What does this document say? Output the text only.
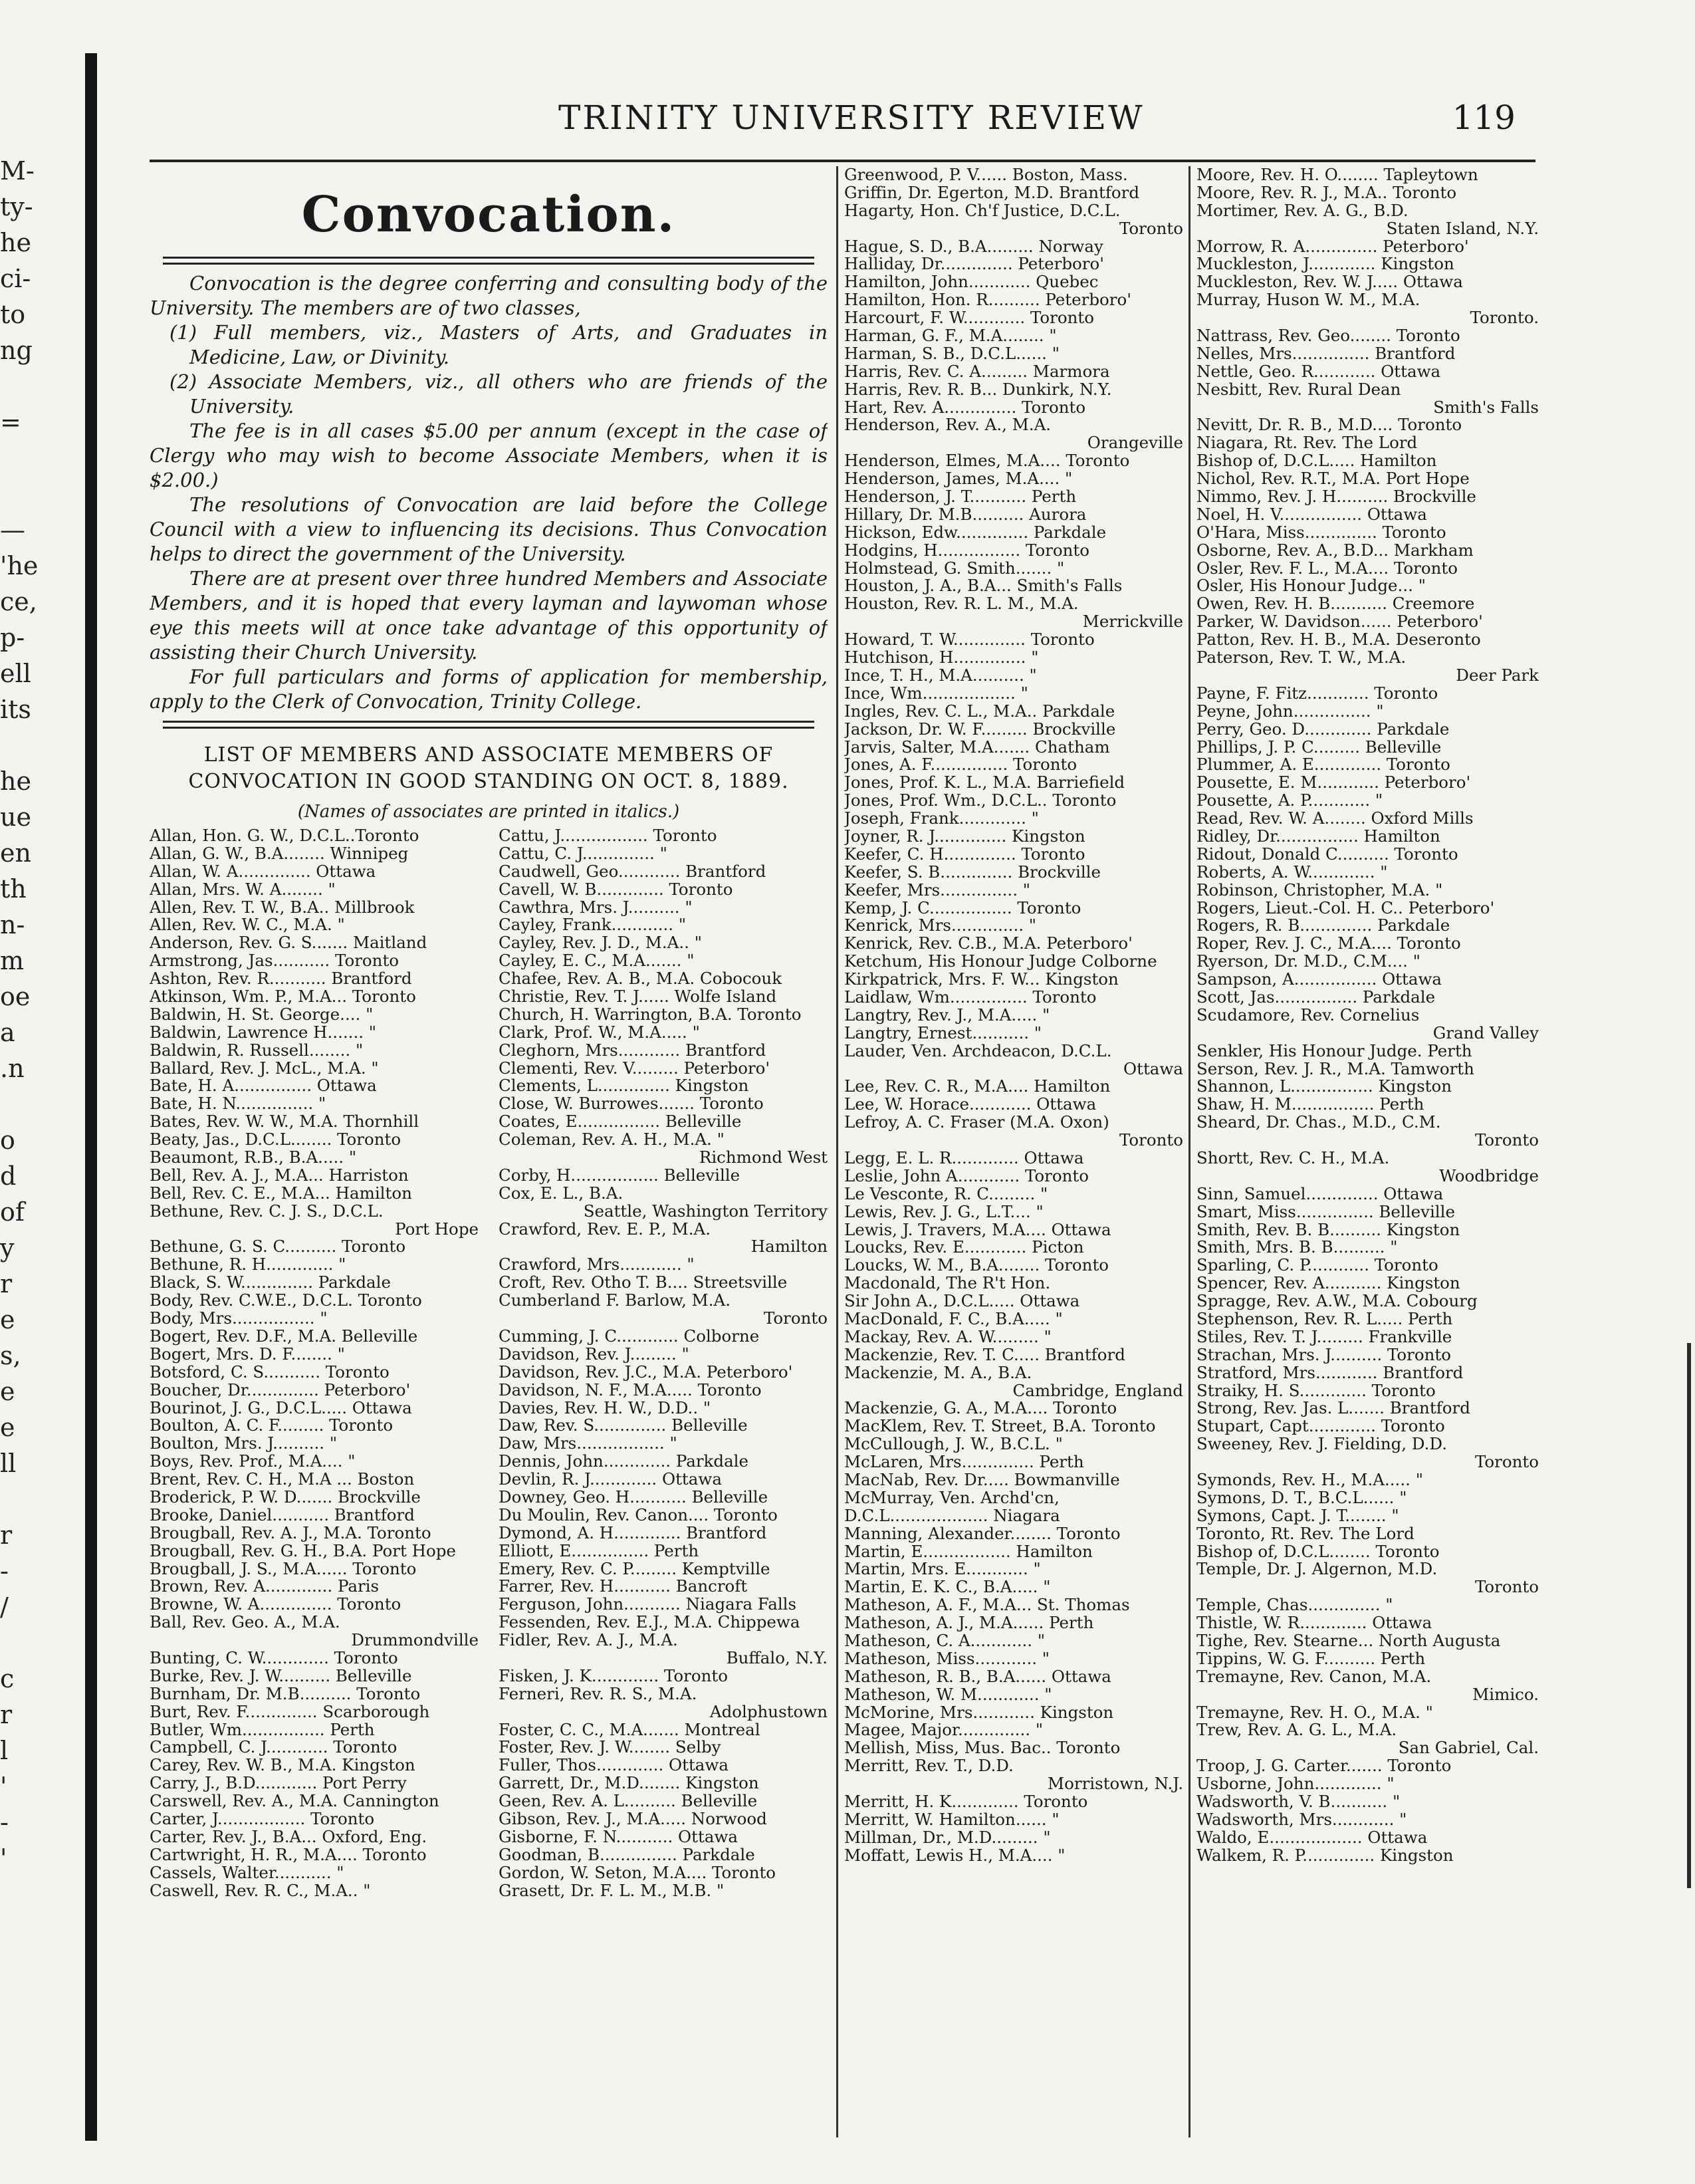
M-
ty-
he
ci-
to
ng
=
—
'he
ce,
p-
ell
its
he
ue
en
th
n-
m
oe
a
.n
o
d
of
y
r
e
s,
e
e
ll
r
-
/
c
r
l
'
-
'
TRINITY UNIVERSITY REVIEW	119
Convocation.

Convocation is the degree conferring and consulting body of the University. The members are of two classes,

(1) Full members, viz., Masters of Arts, and Graduates in Medicine, Law, or Divinity.

(2) Associate Members, viz., all others who are friends of the University.

The fee is in all cases $5.00 per annum (except in the case of Clergy who may wish to become Associate Members, when it is $2.00.)

The resolutions of Convocation are laid before the College Council with a view to influencing its decisions. Thus Convocation helps to direct the government of the University.

There are at present over three hundred Members and Associate Members, and it is hoped that every layman and laywoman whose eye this meets will at once take advantage of this opportunity of assisting their Church University.

For full particulars and forms of application for membership, apply to the Clerk of Convocation, Trinity College.

LIST OF MEMBERS AND ASSOCIATE MEMBERS OF CONVOCATION IN GOOD STANDING ON OCT. 8, 1889.
(Names of associates are printed in italics.)
Allan, Hon. G. W., D.C.L..Toronto
Allan, G. W., B.A........ Winnipeg
Allan, W. A.............. Ottawa
Allan, Mrs. W. A........ "
Allen, Rev. T. W., B.A.. Millbrook
Allen, Rev. W. C., M.A. "
Anderson, Rev. G. S....... Maitland
Armstrong, Jas........... Toronto
Ashton, Rev. R........... Brantford
Atkinson, Wm. P., M.A... Toronto
Baldwin, H. St. George.... "
Baldwin, Lawrence H....... "
Baldwin, R. Russell........ "
Ballard, Rev. J. McL., M.A. "
Bate, H. A............... Ottawa
Bate, H. N............... "
Bates, Rev. W. W., M.A. Thornhill
Beaty, Jas., D.C.L........ Toronto
Beaumont, R.B., B.A..... "
Bell, Rev. A. J., M.A... Harriston
Bell, Rev. C. E., M.A... Hamilton
Bethune, Rev. C. J. S., D.C.L.
Port Hope
Bethune, G. S. C.......... Toronto
Bethune, R. H............. "
Black, S. W.............. Parkdale
Body, Rev. C.W.E., D.C.L. Toronto
Body, Mrs................ "
Bogert, Rev. D.F., M.A. Belleville
Bogert, Mrs. D. F........ "
Botsford, C. S........... Toronto
Boucher, Dr.............. Peterboro'
Bourinot, J. G., D.C.L..... Ottawa
Boulton, A. C. F......... Toronto
Boulton, Mrs. J.......... "
Boys, Rev. Prof., M.A.... "
Brent, Rev. C. H., M.A ... Boston
Broderick, P. W. D....... Brockville
Brooke, Daniel........... Brantford
Brougball, Rev. A. J., M.A. Toronto
Brougball, Rev. G. H., B.A. Port Hope
Brougball, J. S., M.A...... Toronto
Brown, Rev. A............. Paris
Browne, W. A.............. Toronto
Ball, Rev. Geo. A., M.A.
Drummondville
Bunting, C. W............. Toronto
Burke, Rev. J. W.......... Belleville
Burnham, Dr. M.B.......... Toronto
Burt, Rev. F.............. Scarborough
Butler, Wm................ Perth
Campbell, C. J............ Toronto
Carey, Rev. W. B., M.A. Kingston
Carry, J., B.D............ Port Perry
Carswell, Rev. A., M.A. Cannington
Carter, J................. Toronto
Carter, Rev. J., B.A... Oxford, Eng.
Cartwright, H. R., M.A.... Toronto
Cassels, Walter........... "
Caswell, Rev. R. C., M.A.. "
Cattu, J................. Toronto
Cattu, C. J.............. "
Caudwell, Geo............ Brantford
Cavell, W. B............. Toronto
Cawthra, Mrs. J.......... "
Cayley, Frank............ "
Cayley, Rev. J. D., M.A.. "
Cayley, E. C., M.A....... "
Chafee, Rev. A. B., M.A. Cobocouk
Christie, Rev. T. J...... Wolfe Island
Church, H. Warrington, B.A. Toronto
Clark, Prof. W., M.A..... "
Cleghorn, Mrs............ Brantford
Clementi, Rev. V......... Peterboro'
Clements, L.............. Kingston
Close, W. Burrowes....... Toronto
Coates, E................ Belleville
Coleman, Rev. A. H., M.A. "
Richmond West
Corby, H................. Belleville
Cox, E. L., B.A.
Seattle, Washington Territory
Crawford, Rev. E. P., M.A.
Hamilton
Crawford, Mrs............ "
Croft, Rev. Otho T. B.... Streetsville
Cumberland F. Barlow, M.A.
Toronto
Cumming, J. C............ Colborne
Davidson, Rev. J......... "
Davidson, Rev. J.C., M.A. Peterboro'
Davidson, N. F., M.A..... Toronto
Davies, Rev. H. W., D.D.. "
Daw, Rev. S.............. Belleville
Daw, Mrs................. "
Dennis, John............. Parkdale
Devlin, R. J............. Ottawa
Downey, Geo. H........... Belleville
Du Moulin, Rev. Canon.... Toronto
Dymond, A. H............. Brantford
Elliott, E............... Perth
Emery, Rev. C. P......... Kemptville
Farrer, Rev. H........... Bancroft
Ferguson, John........... Niagara Falls
Fessenden, Rev. E.J., M.A. Chippewa
Fidler, Rev. A. J., M.A.
Buffalo, N.Y.
Fisken, J. K............. Toronto
Ferneri, Rev. R. S., M.A.
Adolphustown
Foster, C. C., M.A....... Montreal
Foster, Rev. J. W........ Selby
Fuller, Thos............. Ottawa
Garrett, Dr., M.D........ Kingston
Geen, Rev. A. L.......... Belleville
Gibson, Rev. J., M.A..... Norwood
Gisborne, F. N........... Ottawa
Goodman, B............... Parkdale
Gordon, W. Seton, M.A.... Toronto
Grasett, Dr. F. L. M., M.B. "
Greenwood, P. V...... Boston, Mass.
Griffin, Dr. Egerton, M.D. Brantford
Hagarty, Hon. Ch'f Justice, D.C.L.
Toronto
Hague, S. D., B.A......... Norway
Halliday, Dr.............. Peterboro'
Hamilton, John............ Quebec
Hamilton, Hon. R.......... Peterboro'
Harcourt, F. W............ Toronto
Harman, G. F., M.A........ "
Harman, S. B., D.C.L...... "
Harris, Rev. C. A......... Marmora
Harris, Rev. R. B... Dunkirk, N.Y.
Hart, Rev. A.............. Toronto
Henderson, Rev. A., M.A.
Orangeville
Henderson, Elmes, M.A.... Toronto
Henderson, James, M.A.... "
Henderson, J. T........... Perth
Hillary, Dr. M.B.......... Aurora
Hickson, Edw.............. Parkdale
Hodgins, H................ Toronto
Holmstead, G. Smith....... "
Houston, J. A., B.A... Smith's Falls
Houston, Rev. R. L. M., M.A.
Merrickville
Howard, T. W.............. Toronto
Hutchison, H.............. "
Ince, T. H., M.A.......... "
Ince, Wm.................. "
Ingles, Rev. C. L., M.A.. Parkdale
Jackson, Dr. W. F......... Brockville
Jarvis, Salter, M.A....... Chatham
Jones, A. F............... Toronto
Jones, Prof. K. L., M.A. Barriefield
Jones, Prof. Wm., D.C.L.. Toronto
Joseph, Frank............. "
Joyner, R. J.............. Kingston
Keefer, C. H.............. Toronto
Keefer, S. B.............. Brockville
Keefer, Mrs............... "
Kemp, J. C................ Toronto
Kenrick, Mrs.............. "
Kenrick, Rev. C.B., M.A. Peterboro'
Ketchum, His Honour Judge Colborne
Kirkpatrick, Mrs. F. W... Kingston
Laidlaw, Wm............... Toronto
Langtry, Rev. J., M.A..... "
Langtry, Ernest........... "
Lauder, Ven. Archdeacon, D.C.L.
Ottawa
Lee, Rev. C. R., M.A.... Hamilton
Lee, W. Horace............ Ottawa
Lefroy, A. C. Fraser (M.A. Oxon)
Toronto
Legg, E. L. R............. Ottawa
Leslie, John A............ Toronto
Le Vesconte, R. C......... "
Lewis, Rev. J. G., L.T.... "
Lewis, J. Travers, M.A.... Ottawa
Loucks, Rev. E............ Picton
Loucks, W. M., B.A........ Toronto
Macdonald, The R't Hon.
Sir John A., D.C.L..... Ottawa
MacDonald, F. C., B.A..... "
Mackay, Rev. A. W......... "
Mackenzie, Rev. T. C..... Brantford
Mackenzie, M. A., B.A.
Cambridge, England
Mackenzie, G. A., M.A.... Toronto
MacKlem, Rev. T. Street, B.A. Toronto
McCullough, J. W., B.C.L. "
McLaren, Mrs.............. Perth
MacNab, Rev. Dr..... Bowmanville
McMurray, Ven. Archd'cn,
D.C.L................... Niagara
Manning, Alexander........ Toronto
Martin, E................. Hamilton
Martin, Mrs. E............ "
Martin, E. K. C., B.A..... "
Matheson, A. F., M.A... St. Thomas
Matheson, A. J., M.A...... Perth
Matheson, C. A............ "
Matheson, Miss............ "
Matheson, R. B., B.A...... Ottawa
Matheson, W. M............ "
McMorine, Mrs............ Kingston
Magee, Major.............. "
Mellish, Miss, Mus. Bac.. Toronto
Merritt, Rev. T., D.D.
Morristown, N.J.
Merritt, H. K............. Toronto
Merritt, W. Hamilton...... "
Millman, Dr., M.D......... "
Moffatt, Lewis H., M.A.... "
Moore, Rev. H. O........ Tapleytown
Moore, Rev. R. J., M.A.. Toronto
Mortimer, Rev. A. G., B.D.
Staten Island, N.Y.
Morrow, R. A.............. Peterboro'
Muckleston, J............. Kingston
Muckleston, Rev. W. J..... Ottawa
Murray, Huson W. M., M.A.
Toronto.
Nattrass, Rev. Geo........ Toronto
Nelles, Mrs............... Brantford
Nettle, Geo. R............ Ottawa
Nesbitt, Rev. Rural Dean
Smith's Falls
Nevitt, Dr. R. B., M.D.... Toronto
Niagara, Rt. Rev. The Lord
Bishop of, D.C.L..... Hamilton
Nichol, Rev. R.T., M.A. Port Hope
Nimmo, Rev. J. H.......... Brockville
Noel, H. V................ Ottawa
O'Hara, Miss.............. Toronto
Osborne, Rev. A., B.D... Markham
Osler, Rev. F. L., M.A.... Toronto
Osler, His Honour Judge... "
Owen, Rev. H. B........... Creemore
Parker, W. Davidson...... Peterboro'
Patton, Rev. H. B., M.A. Deseronto
Paterson, Rev. T. W., M.A.
Deer Park
Payne, F. Fitz............ Toronto
Peyne, John............... "
Perry, Geo. D............. Parkdale
Phillips, J. P. C......... Belleville
Plummer, A. E............. Toronto
Pousette, E. M............ Peterboro'
Pousette, A. P............ "
Read, Rev. W. A........ Oxford Mills
Ridley, Dr................ Hamilton
Ridout, Donald C.......... Toronto
Roberts, A. W............. "
Robinson, Christopher, M.A. "
Rogers, Lieut.-Col. H. C.. Peterboro'
Rogers, R. B.............. Parkdale
Roper, Rev. J. C., M.A.... Toronto
Ryerson, Dr. M.D., C.M.... "
Sampson, A................ Ottawa
Scott, Jas................ Parkdale
Scudamore, Rev. Cornelius
Grand Valley
Senkler, His Honour Judge. Perth
Serson, Rev. J. R., M.A. Tamworth
Shannon, L................ Kingston
Shaw, H. M................ Perth
Sheard, Dr. Chas., M.D., C.M.
Toronto
Shortt, Rev. C. H., M.A.
Woodbridge
Sinn, Samuel.............. Ottawa
Smart, Miss............... Belleville
Smith, Rev. B. B.......... Kingston
Smith, Mrs. B. B.......... "
Sparling, C. P............ Toronto
Spencer, Rev. A........... Kingston
Spragge, Rev. A.W., M.A. Cobourg
Stephenson, Rev. R. L..... Perth
Stiles, Rev. T. J......... Frankville
Strachan, Mrs. J.......... Toronto
Stratford, Mrs............ Brantford
Straiky, H. S............. Toronto
Strong, Rev. Jas. L....... Brantford
Stupart, Capt............. Toronto
Sweeney, Rev. J. Fielding, D.D.
Toronto
Symonds, Rev. H., M.A..... "
Symons, D. T., B.C.L...... "
Symons, Capt. J. T........ "
Toronto, Rt. Rev. The Lord
Bishop of, D.C.L........ Toronto
Temple, Dr. J. Algernon, M.D.
Toronto
Temple, Chas.............. "
Thistle, W. R............. Ottawa
Tighe, Rev. Stearne... North Augusta
Tippins, W. G. F.......... Perth
Tremayne, Rev. Canon, M.A.
Mimico.
Tremayne, Rev. H. O., M.A. "
Trew, Rev. A. G. L., M.A.
San Gabriel, Cal.
Troop, J. G. Carter....... Toronto
Usborne, John............. "
Wadsworth, V. B........... "
Wadsworth, Mrs............ "
Waldo, E.................. Ottawa
Walkem, R. P.............. Kingston
